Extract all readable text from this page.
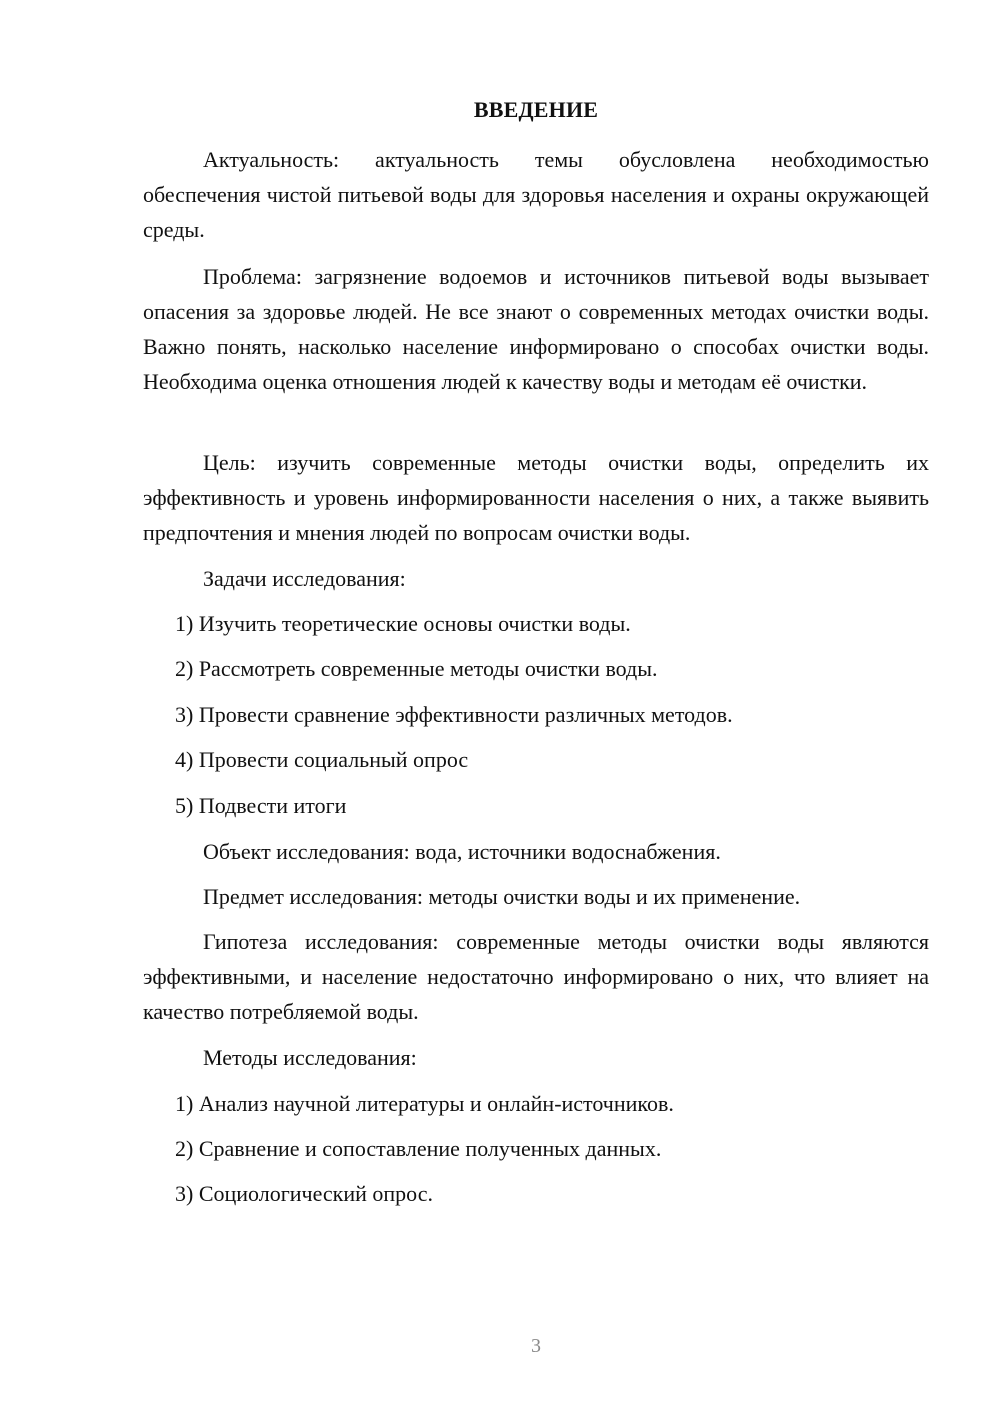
ВВЕДЕНИЕ

Актуальность: актуальность темы обусловлена необходимостью обеспечения чистой питьевой воды для здоровья населения и охраны окружающей среды.

Проблема: загрязнение водоемов и источников питьевой воды вызывает опасения за здоровье людей. Не все знают о современных методах очистки воды. Важно понять, насколько население информировано о способах очистки воды. Необходима оценка отношения людей к качеству воды и методам её очистки.

Цель: изучить современные методы очистки воды, определить их эффективность и уровень информированности населения о них, а также выявить предпочтения и мнения людей по вопросам очистки воды.

Задачи исследования:

1) Изучить теоретические основы очистки воды.

2) Рассмотреть современные методы очистки воды.

3) Провести сравнение эффективности различных методов.

4) Провести социальный опрос

5) Подвести итоги

Объект исследования: вода, источники водоснабжения.

Предмет исследования: методы очистки воды и их применение.

Гипотеза исследования: современные методы очистки воды являются эффективными, и население недостаточно информировано о них, что влияет на качество потребляемой воды.

Методы исследования:

1) Анализ научной литературы и онлайн-источников.

2) Сравнение и сопоставление полученных данных.

3) Социологический опрос.

3
